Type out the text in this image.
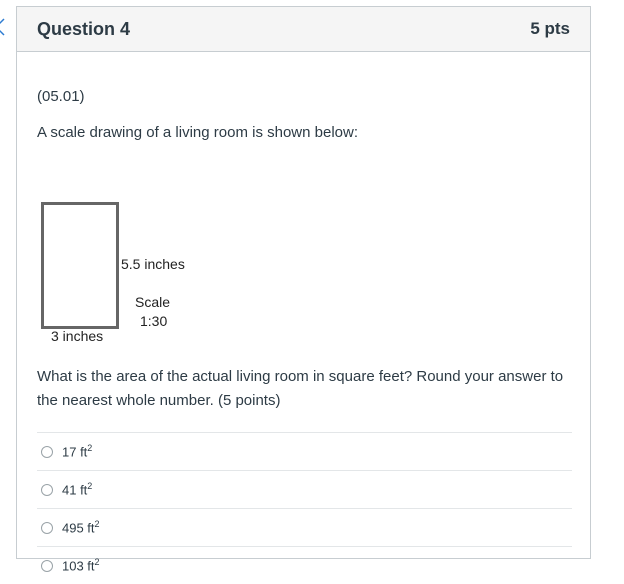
Question 4	5 pts
(05.01)
A scale drawing of a living room is shown below:
5.5 inches
Scale
1:30
3 inches
What is the area of the actual living room in square feet? Round your answer to the nearest whole number. (5 points)
17 $ft^2$
41 $ft^2$
495 $ft^2$
103 $ft^2$
